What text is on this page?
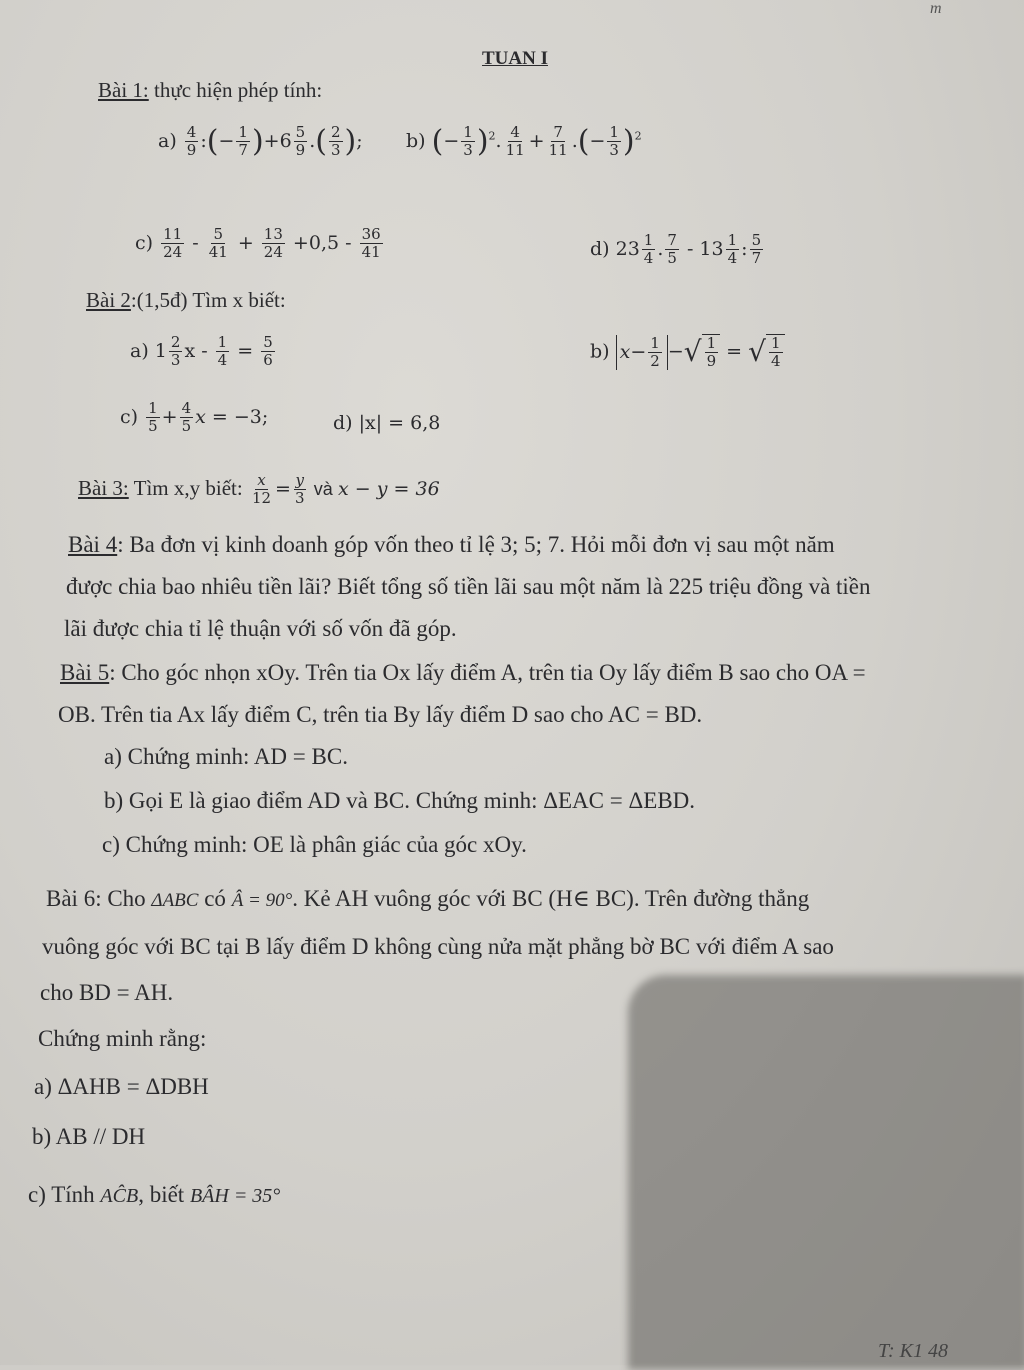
m
TUAN I
Bài 1: thực hiện phép tính:
$a) \frac{4}{9}$ :(− $\frac{1}{7} )+6 \frac{5}{9}$ .( $\frac{2}{3}$ ); b) (− $\frac{1}{3} )^2$. $\frac{4}{11} + \frac{7}{11}$ .(− $\frac{1}{3} )^2$
$c) \frac{11}{24} - \frac{5}{41} + \frac{13}{24} +0,5 - \frac{36}{41}$	d) $23 \frac{1}{4}$ . $\frac{7}{5} - 13 \frac{1}{4}$ : $\frac{5}{7}$
Bài 2:(1,5đ) Tìm x biết:
a) $1 \frac{2}{3}$ $x - \frac{1}{4} = \frac{5}{6}$	b) $x - \frac{1}{2}$ − √ $\frac{1}{9}$ = √ $\frac{1}{4}$
$c) \frac{1}{5} + \frac{4}{5}$ x = −3;	d) |x| = 6,8
Bài 3: Tìm x,y biết: $\frac{x}{12} = \frac{y}{3}$ và x − y = 36
Bài 4: Ba đơn vị kinh doanh góp vốn theo tỉ lệ 3; 5; 7. Hỏi mỗi đơn vị sau một năm
được chia bao nhiêu tiền lãi? Biết tổng số tiền lãi sau một năm là 225 triệu đồng và tiền
lãi được chia tỉ lệ thuận với số vốn đã góp.
Bài 5: Cho góc nhọn xOy. Trên tia Ox lấy điểm A, trên tia Oy lấy điểm B sao cho OA =
OB. Trên tia Ax lấy điểm C, trên tia By lấy điểm D sao cho AC = BD.
a) Chứng minh: AD = BC.
b) Gọi E là giao điểm AD và BC. Chứng minh: ΔEAC = ΔEBD.
c) Chứng minh: OE là phân giác của góc xOy.
Bài 6: Cho ΔABC có Â = 90°. Kẻ AH vuông góc với BC (H∈ BC). Trên đường thẳng
vuông góc với BC tại B lấy điểm D không cùng nửa mặt phẳng bờ BC với điểm A sao
cho BD = AH.
Chứng minh rằng:
a) ΔAHB = ΔDBH
b) AB // DH
c) Tính AĈB, biết BÂH = 35°
T: K1 48
